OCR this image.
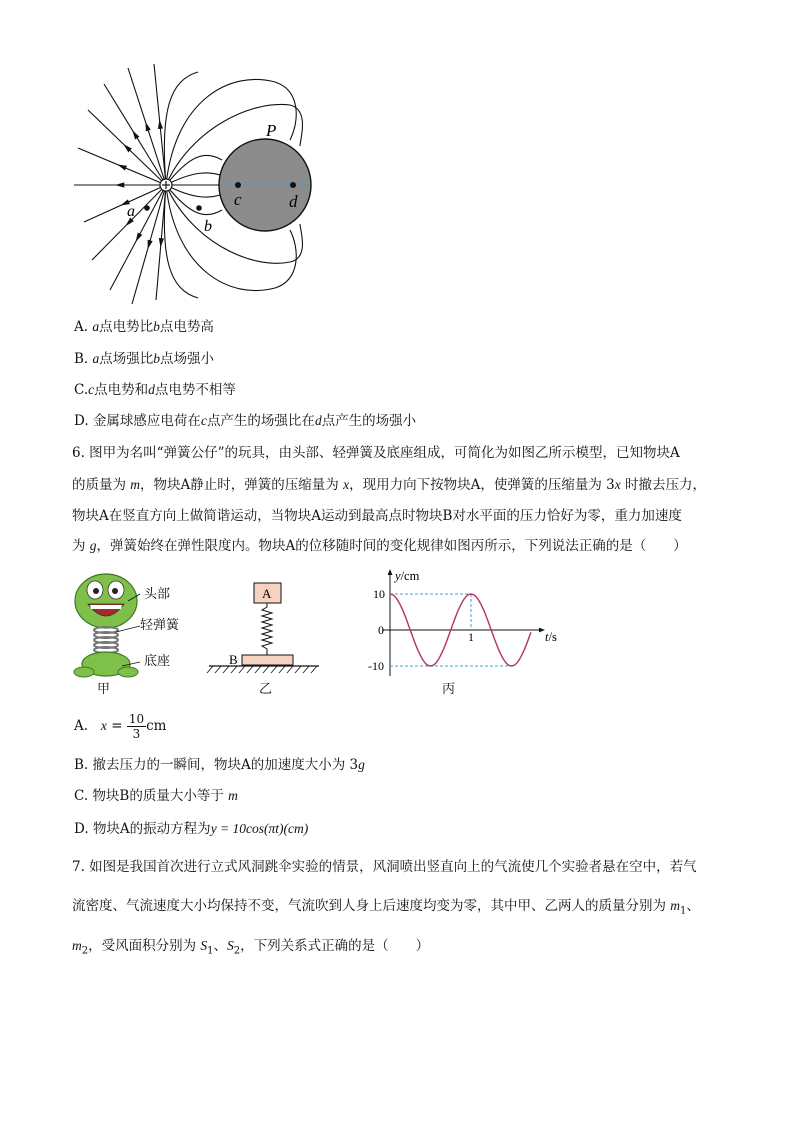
P
a
b
c	d
A. a点电势比b点电势高
B. a点场强比b点场强小
C.c点电势和d点电势不相等
D. 金属球感应电荷在c点产生的场强比在d点产生的场强小
6. 图甲为名叫“弹簧公仔”的玩具，由头部、轻弹簧及底座组成，可简化为如图乙所示模型，已知物块A
的质量为 m，物块A静止时，弹簧的压缩量为 x，现用力向下按物块A，使弹簧的压缩量为 3x 时撤去压力，
物块A在竖直方向上做简谐运动，当物块A运动到最高点时物块B对水平面的压力恰好为零，重力加速度
为 g，弹簧始终在弹性限度内。物块A的位移随时间的变化规律如图丙所示，下列说法正确的是（　　）
头部
轻弹簧
底座
甲
A
B
乙
y/cm
t/s
10
0
-10
1
丙
A. $x = \frac{10}{3}$ cm
B. 撤去压力的一瞬间，物块A的加速度大小为 3g
C. 物块B的质量大小等于 m
D. 物块A的振动方程为y = 10cos(πt)(cm)
7. 如图是我国首次进行立式风洞跳伞实验的情景，风洞喷出竖直向上的气流使几个实验者悬在空中，若气
流密度、气流速度大小均保持不变，气流吹到人身上后速度均变为零，其中甲、乙两人的质量分别为 $m_1$、
$m_2$，受风面积分别为 $S_1$、$S_2$，下列关系式正确的是（　　）
